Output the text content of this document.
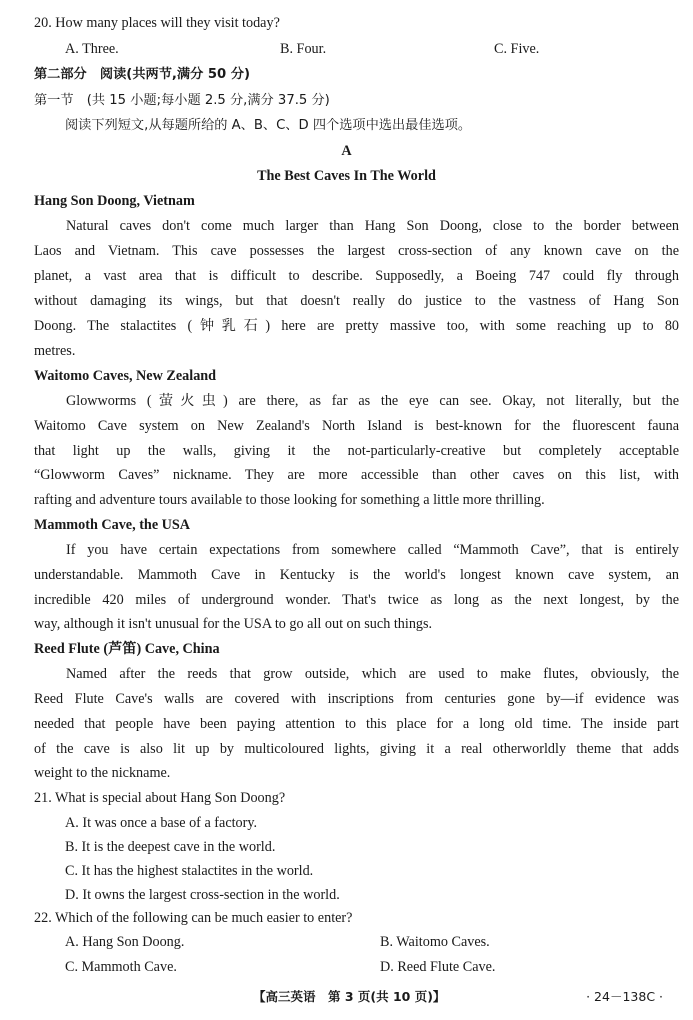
20. How many places will they visit today?
A. Three.	B. Four.	C. Five.
第二部分　阅读(共两节,满分 50 分)
第一节　(共 15 小题;每小题 2.5 分,满分 37.5 分)
阅读下列短文,从每题所给的 A、B、C、D 四个选项中选出最佳选项。
A
The Best Caves In The World
Hang Son Doong, Vietnam
Natural caves don't come much larger than Hang Son Doong, close to the border between
Laos and Vietnam. This cave possesses the largest cross-section of any known cave on the
planet, a vast area that is difficult to describe. Supposedly, a Boeing 747 could fly through
without damaging its wings, but that doesn't really do justice to the vastness of Hang Son
Doong. The stalactites (钟乳石) here are pretty massive too, with some reaching up to 80
metres.
Waitomo Caves, New Zealand
Glowworms (萤火虫) are there, as far as the eye can see. Okay, not literally, but the
Waitomo Cave system on New Zealand's North Island is best-known for the fluorescent fauna
that light up the walls, giving it the not-particularly-creative but completely acceptable
“Glowworm Caves” nickname. They are more accessible than other caves on this list, with
rafting and adventure tours available to those looking for something a little more thrilling.
Mammoth Cave, the USA
If you have certain expectations from somewhere called “Mammoth Cave”, that is entirely
understandable. Mammoth Cave in Kentucky is the world's longest known cave system, an
incredible 420 miles of underground wonder. That's twice as long as the next longest, by the
way, although it isn't unusual for the USA to go all out on such things.
Reed Flute (芦笛) Cave, China
Named after the reeds that grow outside, which are used to make flutes, obviously, the
Reed Flute Cave's walls are covered with inscriptions from centuries gone by—if evidence was
needed that people have been paying attention to this place for a long old time. The inside part
of the cave is also lit up by multicoloured lights, giving it a real otherworldly theme that adds
weight to the nickname.
21. What is special about Hang Son Doong?
A. It was once a base of a factory.
B. It is the deepest cave in the world.
C. It has the highest stalactites in the world.
D. It owns the largest cross-section in the world.
22. Which of the following can be much easier to enter?
A. Hang Son Doong.	B. Waitomo Caves.
C. Mammoth Cave.	D. Reed Flute Cave.
【高三英语　第 3 页(共 10 页)】	· 24－138C ·
